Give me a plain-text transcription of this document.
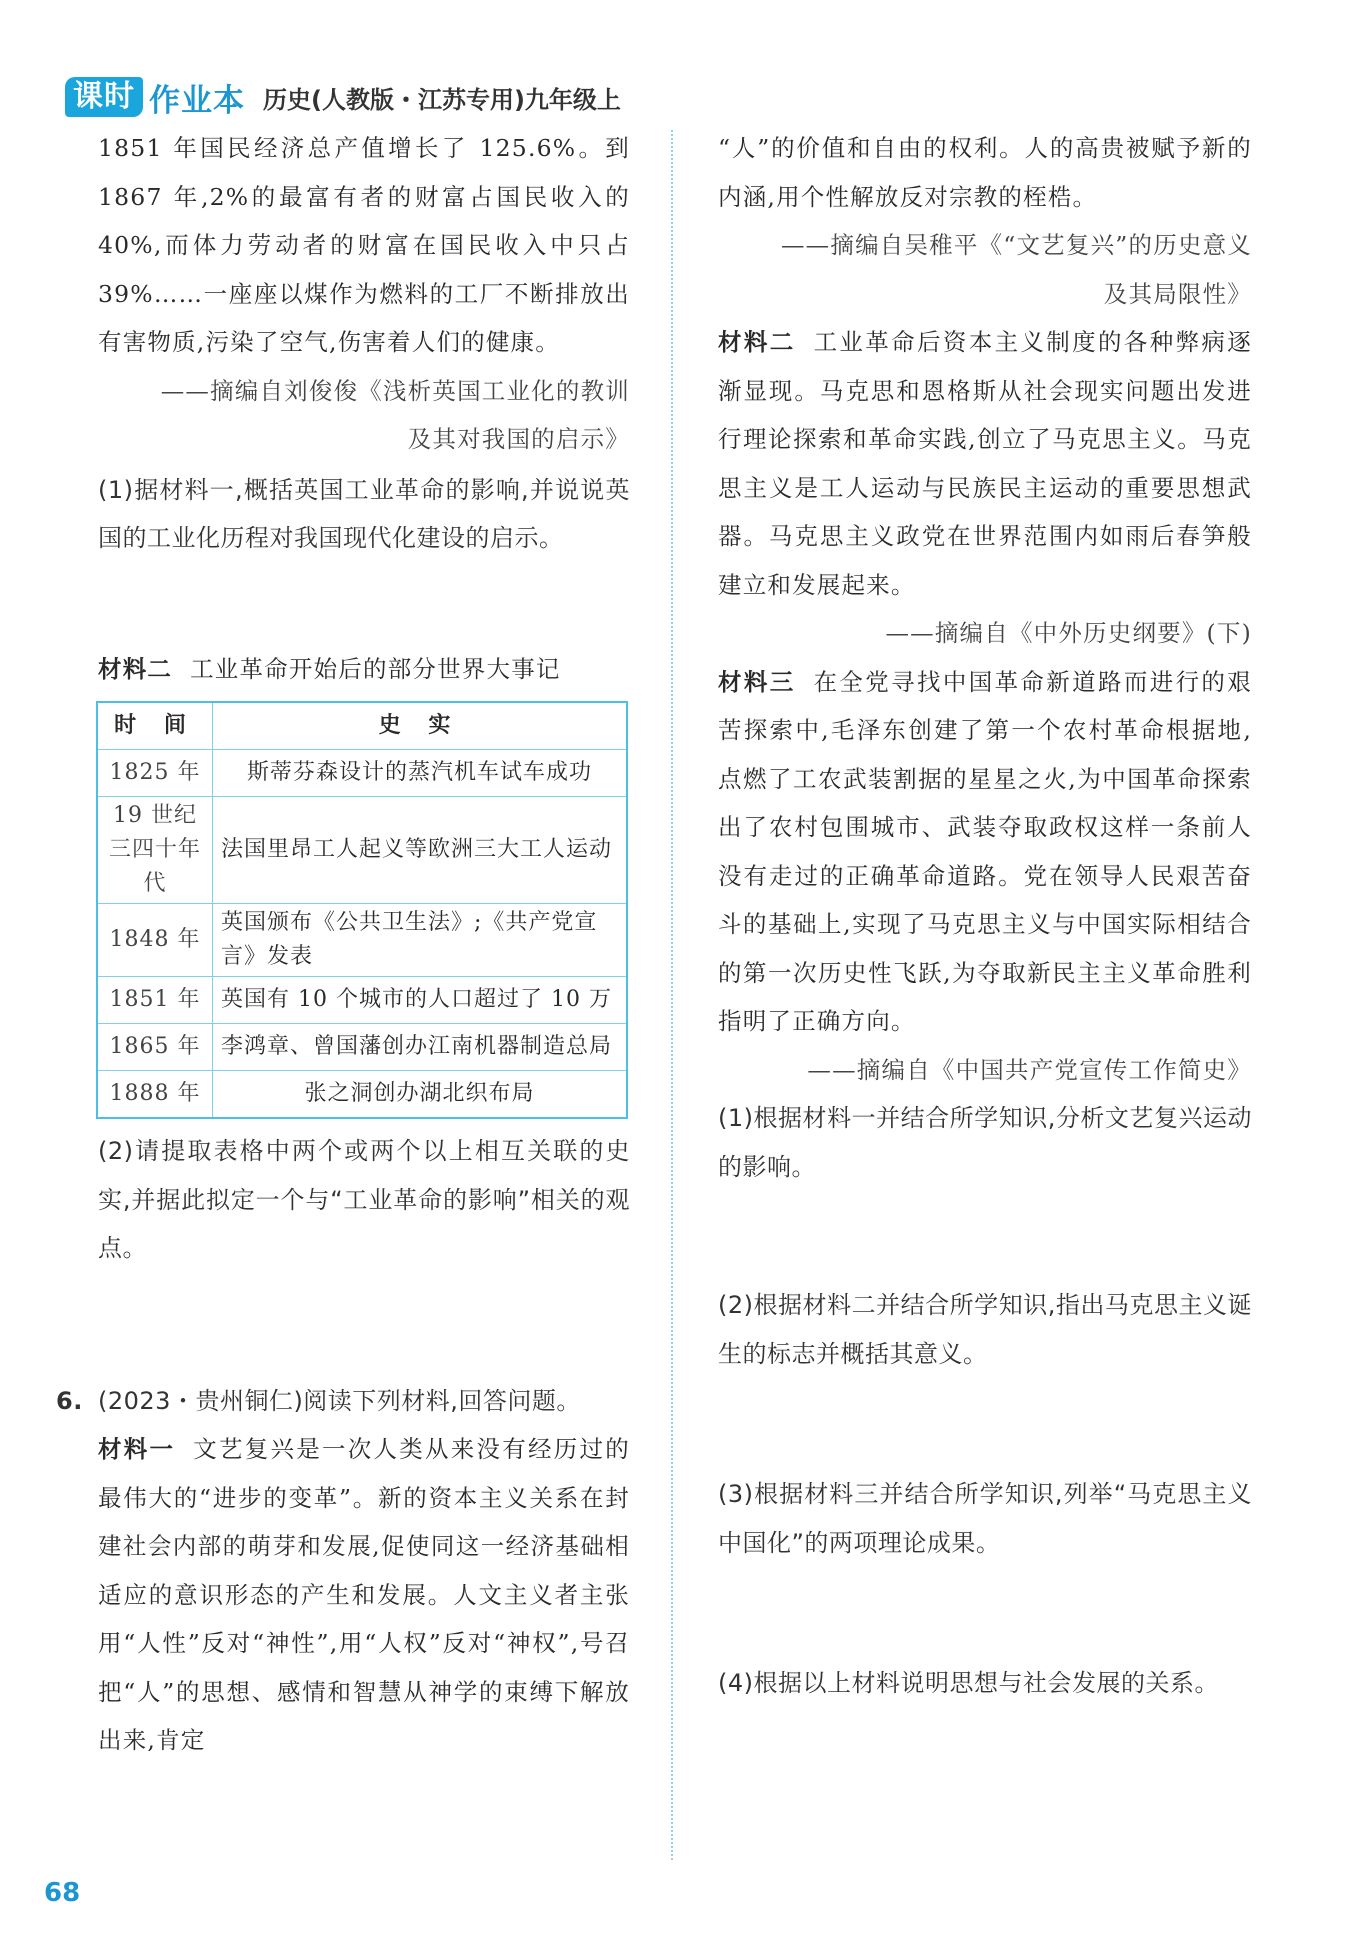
课时 作业本 历史(人教版・江苏专用)九年级上

1851 年国民经济总产值增长了 125.6%。到1867 年,2%的最富有者的财富占国民收入的40%,而体力劳动者的财富在国民收入中只占39%……一座座以煤作为燃料的工厂不断排放出有害物质,污染了空气,伤害着人们的健康。

——摘编自刘俊俊《浅析英国工业化的教训

及其对我国的启示》

(1)据材料一,概括英国工业革命的影响,并说说英国的工业化历程对我国现代化建设的启示。

材料二 工业革命开始后的部分世界大事记

时 间	史 实
1825 年	斯蒂芬森设计的蒸汽机车试车成功
19 世纪三四十年代	法国里昂工人起义等欧洲三大工人运动
1848 年	英国颁布《公共卫生法》;《共产党宣言》发表
1851 年	英国有 10 个城市的人口超过了 10 万
1865 年	李鸿章、曾国藩创办江南机器制造总局
1888 年	张之洞创办湖北织布局

(2)请提取表格中两个或两个以上相互关联的史实,并据此拟定一个与“工业革命的影响”相关的观点。

6. (2023・贵州铜仁)阅读下列材料,回答问题。

材料一 文艺复兴是一次人类从来没有经历过的最伟大的“进步的变革”。新的资本主义关系在封建社会内部的萌芽和发展,促使同这一经济基础相适应的意识形态的产生和发展。人文主义者主张用“人性”反对“神性”,用“人权”反对“神权”,号召把“人”的思想、感情和智慧从神学的束缚下解放出来,肯定

“人”的价值和自由的权利。人的高贵被赋予新的内涵,用个性解放反对宗教的桎梏。

——摘编自吴稚平《“文艺复兴”的历史意义

及其局限性》

材料二 工业革命后资本主义制度的各种弊病逐渐显现。马克思和恩格斯从社会现实问题出发进行理论探索和革命实践,创立了马克思主义。马克思主义是工人运动与民族民主运动的重要思想武器。马克思主义政党在世界范围内如雨后春笋般建立和发展起来。

——摘编自《中外历史纲要》(下)

材料三 在全党寻找中国革命新道路而进行的艰苦探索中,毛泽东创建了第一个农村革命根据地,点燃了工农武装割据的星星之火,为中国革命探索出了农村包围城市、武装夺取政权这样一条前人没有走过的正确革命道路。党在领导人民艰苦奋斗的基础上,实现了马克思主义与中国实际相结合的第一次历史性飞跃,为夺取新民主主义革命胜利指明了正确方向。

——摘编自《中国共产党宣传工作简史》

(1)根据材料一并结合所学知识,分析文艺复兴运动的影响。

(2)根据材料二并结合所学知识,指出马克思主义诞生的标志并概括其意义。

(3)根据材料三并结合所学知识,列举“马克思主义中国化”的两项理论成果。

(4)根据以上材料说明思想与社会发展的关系。

68
